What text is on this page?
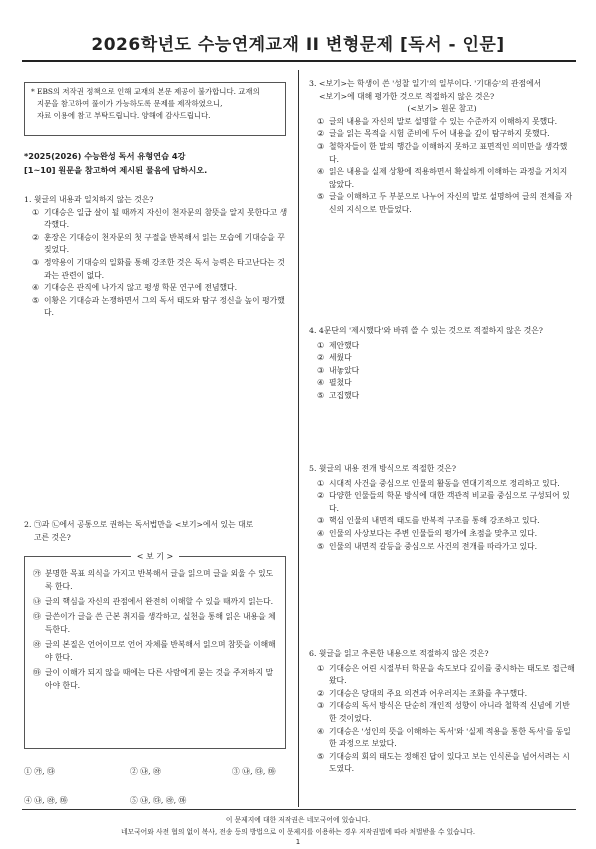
2026학년도 수능연계교재 II 변형문제 [독서 - 인문]
* EBS의 저작권 정책으로 인해 교재의 본문 제공이 불가합니다. 교재의
지문을 참고하여 풀이가 가능하도록 문제를 제작하였으니,
자료 이용에 참고 부탁드립니다. 양해에 감사드립니다.
*2025(2026) 수능완성 독서 유형연습 4강
[1~10] 원문을 참고하여 제시된 물음에 답하시오.
1. 윗글의 내용과 일치하지 않는 것은?
① 기대승은 일급 살이 될 때까지 자신이 천자문의 참뜻을 알지 못한다고 생각했다.
② 훈장은 기대승이 천자문의 첫 구절을 반복해서 읽는 모습에 기대승을 꾸짖었다.
③ 정약용이 기대승의 일화를 통해 강조한 것은 독서 능력은 타고난다는 것과는 관련이 없다.
④ 기대승은 관직에 나가지 않고 평생 학문 연구에 전념했다.
⑤ 이황은 기대승과 논쟁하면서 그의 독서 태도와 탐구 정신을 높이 평가했다.
2. ㉠과 ㉡에서 공통으로 권하는 독서법만을 <보기>에서 있는 대로
고른 것은?
< 보 기 >
㉮ 분명한 목표 의식을 가지고 반복해서 글을 읽으며 글을 외울 수 있도록 한다.
㉯ 글의 핵심을 자신의 관점에서 완전히 이해할 수 있을 때까지 읽는다.
㉰ 글쓴이가 글을 쓴 근본 취지를 생각하고, 실천을 통해 읽은 내용을 체득한다.
㉱ 글의 본질은 언어이므로 언어 자체를 반복해서 읽으며 참뜻을 이해해야 한다.
㉲ 글이 이해가 되지 않을 때에는 다른 사람에게 묻는 것을 주저하지 말아야 한다.
① ㉮, ㉰	② ㉯, ㉱	③ ㉯, ㉰, ㉲
④ ㉯, ㉱, ㉲	⑤ ㉯, ㉰, ㉱, ㉲
3. <보기>는 학생이 쓴 '성찰 일기'의 일부이다. '기대승'의 관점에서
<보기>에 대해 평가한 것으로 적절하지 않은 것은?
(<보기> 원문 참고)
① 글의 내용을 자신의 말로 설명할 수 있는 수준까지 이해하지 못했다.
② 글을 읽는 목적을 시험 준비에 두어 내용을 깊이 탐구하지 못했다.
③ 철학자들이 한 말의 행간을 이해하지 못하고 표면적인 의미만을 생각했다.
④ 읽은 내용을 실제 상황에 적용하면서 확실하게 이해하는 과정을 거치지 않았다.
⑤ 글을 이해하고 두 부분으로 나누어 자신의 말로 설명하여 글의 전체를 자신의 지식으로 만들었다.
4. 4문단의 '제시했다'와 바꿔 쓸 수 있는 것으로 적절하지 않은 것은?
① 제안했다
② 세웠다
③ 내놓았다
④ 펼쳤다
⑤ 고집했다
5. 윗글의 내용 전개 방식으로 적절한 것은?
① 시대적 사건을 중심으로 인물의 활동을 연대기적으로 정리하고 있다.
② 다양한 인물들의 학문 방식에 대한 객관적 비교를 중심으로 구성되어 있다.
③ 핵심 인물의 내면적 태도를 반복적 구조를 통해 강조하고 있다.
④ 인물의 사상보다는 주변 인물들의 평가에 초점을 맞추고 있다.
⑤ 인물의 내면적 갈등을 중심으로 사건의 전개를 따라가고 있다.
6. 윗글을 읽고 추론한 내용으로 적절하지 않은 것은?
① 기대승은 어린 시절부터 학문을 속도보다 깊이를 중시하는 태도로 접근해왔다.
② 기대승은 당대의 주요 의견과 어우러지는 조화를 추구했다.
③ 기대승의 독서 방식은 단순히 개인적 성향이 아니라 철학적 신념에 기반한 것이었다.
④ 기대승은 '성인의 뜻을 이해하는 독서'와 '실제 적용을 통한 독서'를 동일한 과정으로 보았다.
⑤ 기대승의 회의 태도는 정해진 답이 있다고 보는 인식론을 넘어서려는 시도였다.
이 문제지에 대한 저작권은 네모국어에 있습니다.
네모국어와 사전 협의 없이 복사, 전송 등의 방법으로 이 문제지를 이용하는 경우 저작권법에 따라 처벌받을 수 있습니다.
1
